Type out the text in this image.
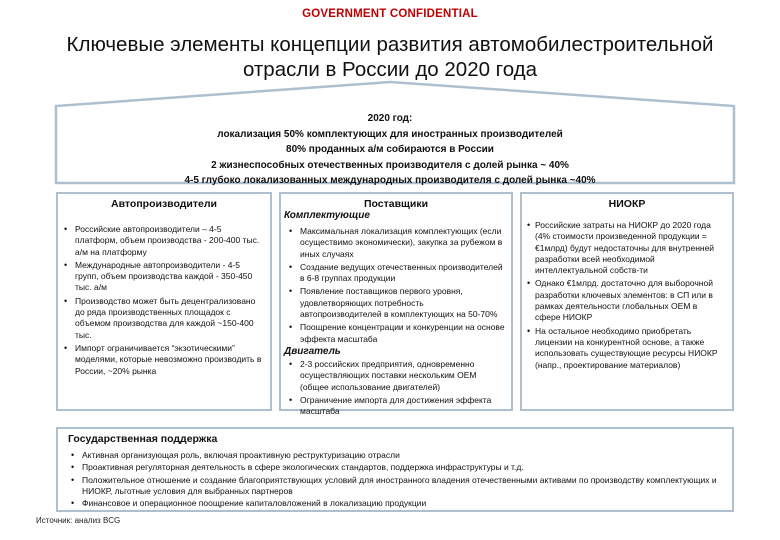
GOVERNMENT CONFIDENTIAL
Ключевые элементы концепции развития автомобилестроительной
отрасли в России до 2020 года
2020 год:
локализация 50% комплектующих для иностранных производителей
80% проданных а/м собираются в России
2 жизнеспособных отечественных производителя с долей рынка ~ 40%
4-5 глубоко локализованных международных производителя с долей рынка ~40%
Автопроизводители
• Российские автопроизводители – 4-5 платформ, объем производства - 200-400 тыс. а/м на платформу
• Международные автопроизводители - 4-5 групп, объем производства каждой - 350-450 тыс. а/м
• Производство может быть децентрализовано до ряда производственных площадок с объемом производства для каждой ~150-400 тыс.
• Импорт ограничивается “экзотическими” моделями, которые невозможно производить в России, ~20% рынка
Поставщики
Комплектующие
• Максимальная локализация комплектующих (если осуществимо экономически), закупка за рубежом в иных случаях
• Создание ведущих отечественных производителей в 6-8 группах продукции
• Появление поставщиков первого уровня, удовлетворяющих потребность автопроизводителей в комплектующих на 50-70%
• Поощрение концентрации и конкуренции на основе эффекта масштаба
Двигатель
• 2-3 российских предприятия, одновременно осуществляющих поставки нескольким OEM (общее использование двигателей)
• Ограничение импорта для достижения эффекта масштаба
НИОКР
• Российские затраты на НИОКР до 2020 года (4% стоимости произведенной продукции = €1млрд) будут недостаточны для внутренней разработки всей необходимой интеллектуальной собств-ти
• Однако €1млрд. достаточно для выборочной разработки ключевых элементов: в СП или в рамках деятельности глобальных OEM в сфере НИОКР
• На остальное необходимо приобретать лицензии на конкурентной основе, а также использовать существующие ресурсы НИОКР (напр., проектирование материалов)
Государственная поддержка
• Активная организующая роль, включая проактивную реструктуризацию отрасли
• Проактивная регуляторная деятельность в сфере экологических стандартов, поддержка инфраструктуры и т.д.
• Положительное отношение и создание благоприятствующих условий для иностранного владения отечественными активами по производству комплектующих и НИОКР, льготные условия для выбранных партнеров
• Финансовое и операционное поощрение капиталовложений в локализацию продукции
Источник: анализ BCG
